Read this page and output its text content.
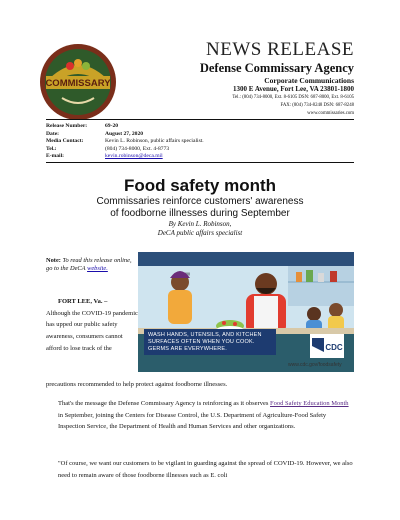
COMMISSARY
NEWS RELEASE
Defense Commissary Agency
Corporate Communications
1300 E Avenue, Fort Lee, VA 23801-1800
Tel.: (804) 734-8000, Ext. 8-6105 DSN: 687-8000, Ext. 8-6105
FAX: (804) 734-8248 DSN: 687-8248
www.commissaries.com
Release Number:	69-20
Date:	August 27, 2020
Media Contact:	Kevin L. Robinson, public affairs specialist.
Tel.:	(804) 734-8000, Ext. 4-8773
E-mail:	kevin.robinson@deca.mil
Food safety month
Commissaries reinforce customers' awareness
of foodborne illnesses during September
By Kevin L. Robinson,
DeCA public affairs specialist
Note: To read this release online, go to the DeCA website.
FORT LEE, Va. –
Although the COVID-19 pandemic has upped our public safety awareness, consumers cannot afford to lose track of the	CDC
WASH HANDS, UTENSILS, AND KITCHEN
SURFACES OFTEN WHEN YOU COOK.
GERMS ARE EVERYWHERE.
www.cdc.gov/foodsafety
precautions recommended to help protect against foodborne illnesses.
That's the message the Defense Commissary Agency is reinforcing as it observes Food Safety Education Month in September, joining the Centers for Disease Control, the U.S. Department of Agriculture-Food Safety Inspection Service, the Department of Health and Human Services and other organizations.
"Of course, we want our customers to be vigilant in guarding against the spread of COVID-19. However, we also need to remain aware of those foodborne illnesses such as E. coli
